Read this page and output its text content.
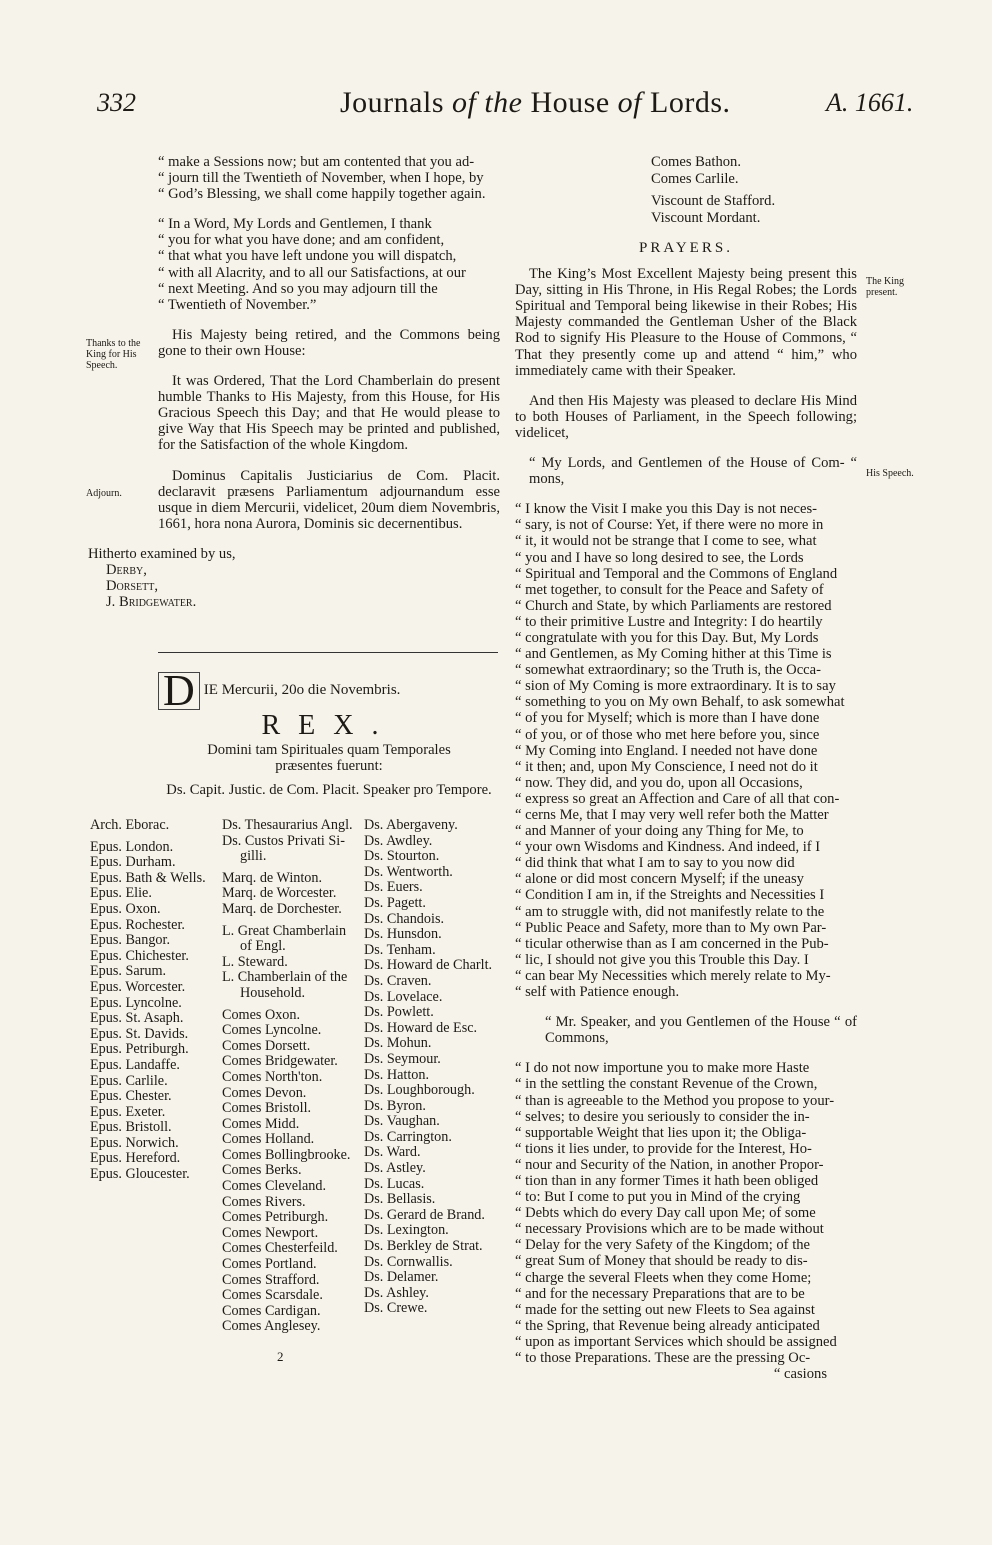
332	Journals of the House of Lords.	A. 1661.
“ make a Sessions now; but am contented that you ad-
“ journ till the Twentieth of November, when I hope, by
“ God’s Blessing, we shall come happily together again.
“ In a Word, My Lords and Gentlemen, I thank
“ you for what you have done; and am confident,
“ that what you have left undone you will dispatch,
“ with all Alacrity, and to all our Satisfactions, at our
“ next Meeting. And so you may adjourn till the
“ Twentieth of November.”
His Majesty being retired, and the Commons being gone to their own House:
It was Ordered, That the Lord Chamberlain do present humble Thanks to His Majesty, from this House, for His Gracious Speech this Day; and that He would please to give Way that His Speech may be printed and published, for the Satisfaction of the whole Kingdom.
Dominus Capitalis Justiciarius de Com. Placit. declaravit præsens Parliamentum adjournandum esse usque in diem Mercurii, videlicet, 20um diem Novembris, 1661, hora nona Aurora, Dominis sic decernentibus.
Hitherto examined by us,
Derby,
Dorsett,
J. Bridgewater.
Thanks to the King for His Speech.
Adjourn.
D IE Mercurii, 20o die Novembris.
REX.
Domini tam Spirituales quam Temporales præsentes fuerunt:
Ds. Capit. Justic. de Com. Placit. Speaker pro Tempore.
Arch. Eborac.
Epus. London.
Epus. Durham.
Epus. Bath & Wells.
Epus. Elie.
Epus. Oxon.
Epus. Rochester.
Epus. Bangor.
Epus. Chichester.
Epus. Sarum.
Epus. Worcester.
Epus. Lyncolne.
Epus. St. Asaph.
Epus. St. Davids.
Epus. Petriburgh.
Epus. Landaffe.
Epus. Carlile.
Epus. Chester.
Epus. Exeter.
Epus. Bristoll.
Epus. Norwich.
Epus. Hereford.
Epus. Gloucester.
Ds. Thesaurarius Angl.
Ds. Custos Privati Si-
gilli.
Marq. de Winton.
Marq. de Worcester.
Marq. de Dorchester.
L. Great Chamberlain
of Engl.
L. Steward.
L. Chamberlain of the
Household.
Comes Oxon.
Comes Lyncolne.
Comes Dorsett.
Comes Bridgewater.
Comes North'ton.
Comes Devon.
Comes Bristoll.
Comes Midd.
Comes Holland.
Comes Bollingbrooke.
Comes Berks.
Comes Cleveland.
Comes Rivers.
Comes Petriburgh.
Comes Newport.
Comes Chesterfeild.
Comes Portland.
Comes Strafford.
Comes Scarsdale.
Comes Cardigan.
Comes Anglesey.
Ds. Abergaveny.
Ds. Awdley.
Ds. Stourton.
Ds. Wentworth.
Ds. Euers.
Ds. Pagett.
Ds. Chandois.
Ds. Hunsdon.
Ds. Tenham.
Ds. Howard de Charlt.
Ds. Craven.
Ds. Lovelace.
Ds. Powlett.
Ds. Howard de Esc.
Ds. Mohun.
Ds. Seymour.
Ds. Hatton.
Ds. Loughborough.
Ds. Byron.
Ds. Vaughan.
Ds. Carrington.
Ds. Ward.
Ds. Astley.
Ds. Lucas.
Ds. Bellasis.
Ds. Gerard de Brand.
Ds. Lexington.
Ds. Berkley de Strat.
Ds. Cornwallis.
Ds. Delamer.
Ds. Ashley.
Ds. Crewe.
2
Comes Bathon.
Comes Carlile.
Viscount de Stafford.
Viscount Mordant.
PRAYERS.
The King’s Most Excellent Majesty being present this Day, sitting in His Throne, in His Regal Robes; the Lords Spiritual and Temporal being likewise in their Robes; His Majesty commanded the Gentleman Usher of the Black Rod to signify His Pleasure to the House of Commons, “ That they presently come up and attend “ him,” who immediately came with their Speaker.
And then His Majesty was pleased to declare His Mind to both Houses of Parliament, in the Speech following; videlicet,
“ My Lords, and Gentlemen of the House of Com- “ mons,
“ I know the Visit I make you this Day is not neces-
“ sary, is not of Course: Yet, if there were no more in
“ it, it would not be strange that I come to see, what
“ you and I have so long desired to see, the Lords
“ Spiritual and Temporal and the Commons of England
“ met together, to consult for the Peace and Safety of
“ Church and State, by which Parliaments are restored
“ to their primitive Lustre and Integrity: I do heartily
“ congratulate with you for this Day. But, My Lords
“ and Gentlemen, as My Coming hither at this Time is
“ somewhat extraordinary; so the Truth is, the Occa-
“ sion of My Coming is more extraordinary. It is to say
“ something to you on My own Behalf, to ask somewhat
“ of you for Myself; which is more than I have done
“ of you, or of those who met here before you, since
“ My Coming into England. I needed not have done
“ it then; and, upon My Conscience, I need not do it
“ now. They did, and you do, upon all Occasions,
“ express so great an Affection and Care of all that con-
“ cerns Me, that I may very well refer both the Matter
“ and Manner of your doing any Thing for Me, to
“ your own Wisdoms and Kindness. And indeed, if I
“ did think that what I am to say to you now did
“ alone or did most concern Myself; if the uneasy
“ Condition I am in, if the Streights and Necessities I
“ am to struggle with, did not manifestly relate to the
“ Public Peace and Safety, more than to My own Par-
“ ticular otherwise than as I am concerned in the Pub-
“ lic, I should not give you this Trouble this Day. I
“ can bear My Necessities which merely relate to My-
“ self with Patience enough.
“ Mr. Speaker, and you Gentlemen of the House “ of Commons,
“ I do not now importune you to make more Haste
“ in the settling the constant Revenue of the Crown,
“ than is agreeable to the Method you propose to your-
“ selves; to desire you seriously to consider the in-
“ supportable Weight that lies upon it; the Obliga-
“ tions it lies under, to provide for the Interest, Ho-
“ nour and Security of the Nation, in another Propor-
“ tion than in any former Times it hath been obliged
“ to: But I come to put you in Mind of the crying
“ Debts which do every Day call upon Me; of some
“ necessary Provisions which are to be made without
“ Delay for the very Safety of the Kingdom; of the
“ great Sum of Money that should be ready to dis-
“ charge the several Fleets when they come Home;
“ and for the necessary Preparations that are to be
“ made for the setting out new Fleets to Sea against
“ the Spring, that Revenue being already anticipated
“ upon as important Services which should be assigned
“ to those Preparations. These are the pressing Oc-
“ casions
The King present.
His Speech.
